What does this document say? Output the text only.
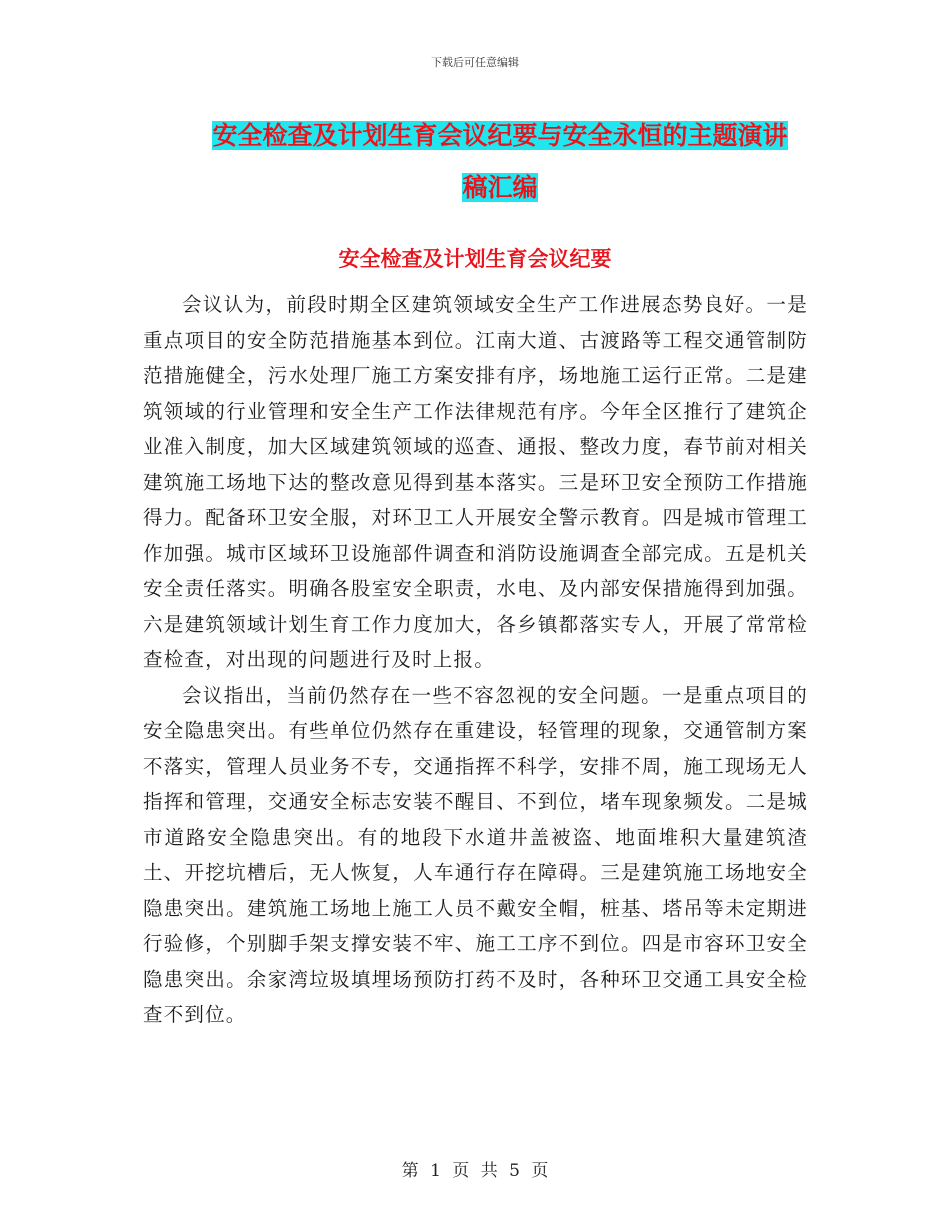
下载后可任意编辑
安全检查及计划生育会议纪要与安全永恒的主题演讲
稿汇编
安全检查及计划生育会议纪要

会议认为，前段时期全区建筑领域安全生产工作进展态势良好。一是重点项目的安全防范措施基本到位。江南大道、古渡路等工程交通管制防范措施健全，污水处理厂施工方案安排有序，场地施工运行正常。二是建筑领域的行业管理和安全生产工作法律规范有序。今年全区推行了建筑企业准入制度，加大区域建筑领域的巡查、通报、整改力度，春节前对相关建筑施工场地下达的整改意见得到基本落实。三是环卫安全预防工作措施得力。配备环卫安全服，对环卫工人开展安全警示教育。四是城市管理工作加强。城市区域环卫设施部件调查和消防设施调查全部完成。五是机关安全责任落实。明确各股室安全职责，水电、及内部安保措施得到加强。六是建筑领域计划生育工作力度加大，各乡镇都落实专人，开展了常常检查检查，对出现的问题进行及时上报。

会议指出，当前仍然存在一些不容忽视的安全问题。一是重点项目的安全隐患突出。有些单位仍然存在重建设，轻管理的现象，交通管制方案不落实，管理人员业务不专，交通指挥不科学，安排不周，施工现场无人指挥和管理，交通安全标志安装不醒目、不到位，堵车现象频发。二是城市道路安全隐患突出。有的地段下水道井盖被盗、地面堆积大量建筑渣土、开挖坑槽后，无人恢复，人车通行存在障碍。三是建筑施工场地安全隐患突出。建筑施工场地上施工人员不戴安全帽，桩基、塔吊等未定期进行验修，个别脚手架支撑安装不牢、施工工序不到位。四是市容环卫安全隐患突出。余家湾垃圾填埋场预防打药不及时，各种环卫交通工具安全检查不到位。

第 1 页 共 5 页
